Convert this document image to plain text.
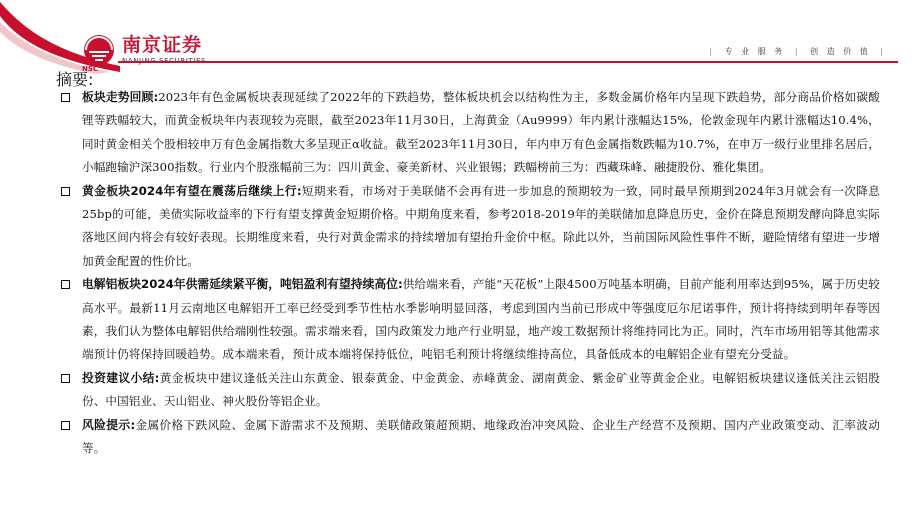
南京证券
NSC
| 专 业 服 务 | 创 造 价 值 |
摘要:
板块走势回顾:2023年有色金属板块表现延续了2022年的下跌趋势，整体板块机会以结构性为主，多数金属价格年内呈现下跌趋势，部分商品价格如碳酸锂等跌幅较大，而黄金板块年内表现较为亮眼，截至2023年11月30日，上海黄金（Au9999）年内累计涨幅达15%，伦敦金现年内累计涨幅达10.4%，同时黄金相关个股相较申万有色金属指数大多呈现正α收益。截至2023年11月30日，年内申万有色金属指数跌幅为10.7%，在申万一级行业里排名居后，小幅跑输沪深300指数。行业内个股涨幅前三为：四川黄金、豪美新材、兴业银锡；跌幅榜前三为：西藏珠峰、融捷股份、雅化集团。
黄金板块2024年有望在震荡后继续上行:短期来看，市场对于美联储不会再有进一步加息的预期较为一致，同时最早预期到2024年3月就会有一次降息25bp的可能，美债实际收益率的下行有望支撑黄金短期价格。中期角度来看，参考2018-2019年的美联储加息降息历史，金价在降息预期发酵向降息实际落地区间内将会有较好表现。长期维度来看，央行对黄金需求的持续增加有望抬升金价中枢。除此以外，当前国际风险性事件不断，避险情绪有望进一步增加黄金配置的性价比。
电解铝板块2024年供需延续紧平衡，吨铝盈利有望持续高位:供给端来看，产能“天花板”上限4500万吨基本明确，目前产能利用率达到95%，属于历史较高水平。最新11月云南地区电解铝开工率已经受到季节性枯水季影响明显回落，考虑到国内当前已形成中等强度厄尔尼诺事件，预计将持续到明年春等因素，我们认为整体电解铝供给端刚性较强。需求端来看，国内政策发力地产行业明显，地产竣工数据预计将维持同比为正。同时，汽车市场用铝等其他需求端预计仍将保持回暖趋势。成本端来看，预计成本端将保持低位，吨铝毛利预计将继续维持高位，具备低成本的电解铝企业有望充分受益。
投资建议小结:黄金板块中建议逢低关注山东黄金、银泰黄金、中金黄金、赤峰黄金、湖南黄金、紫金矿业等黄金企业。电解铝板块建议逢低关注云铝股份、中国铝业、天山铝业、神火股份等铝企业。
风险提示:金属价格下跌风险、金属下游需求不及预期、美联储政策超预期、地缘政治冲突风险、企业生产经营不及预期、国内产业政策变动、汇率波动等。
